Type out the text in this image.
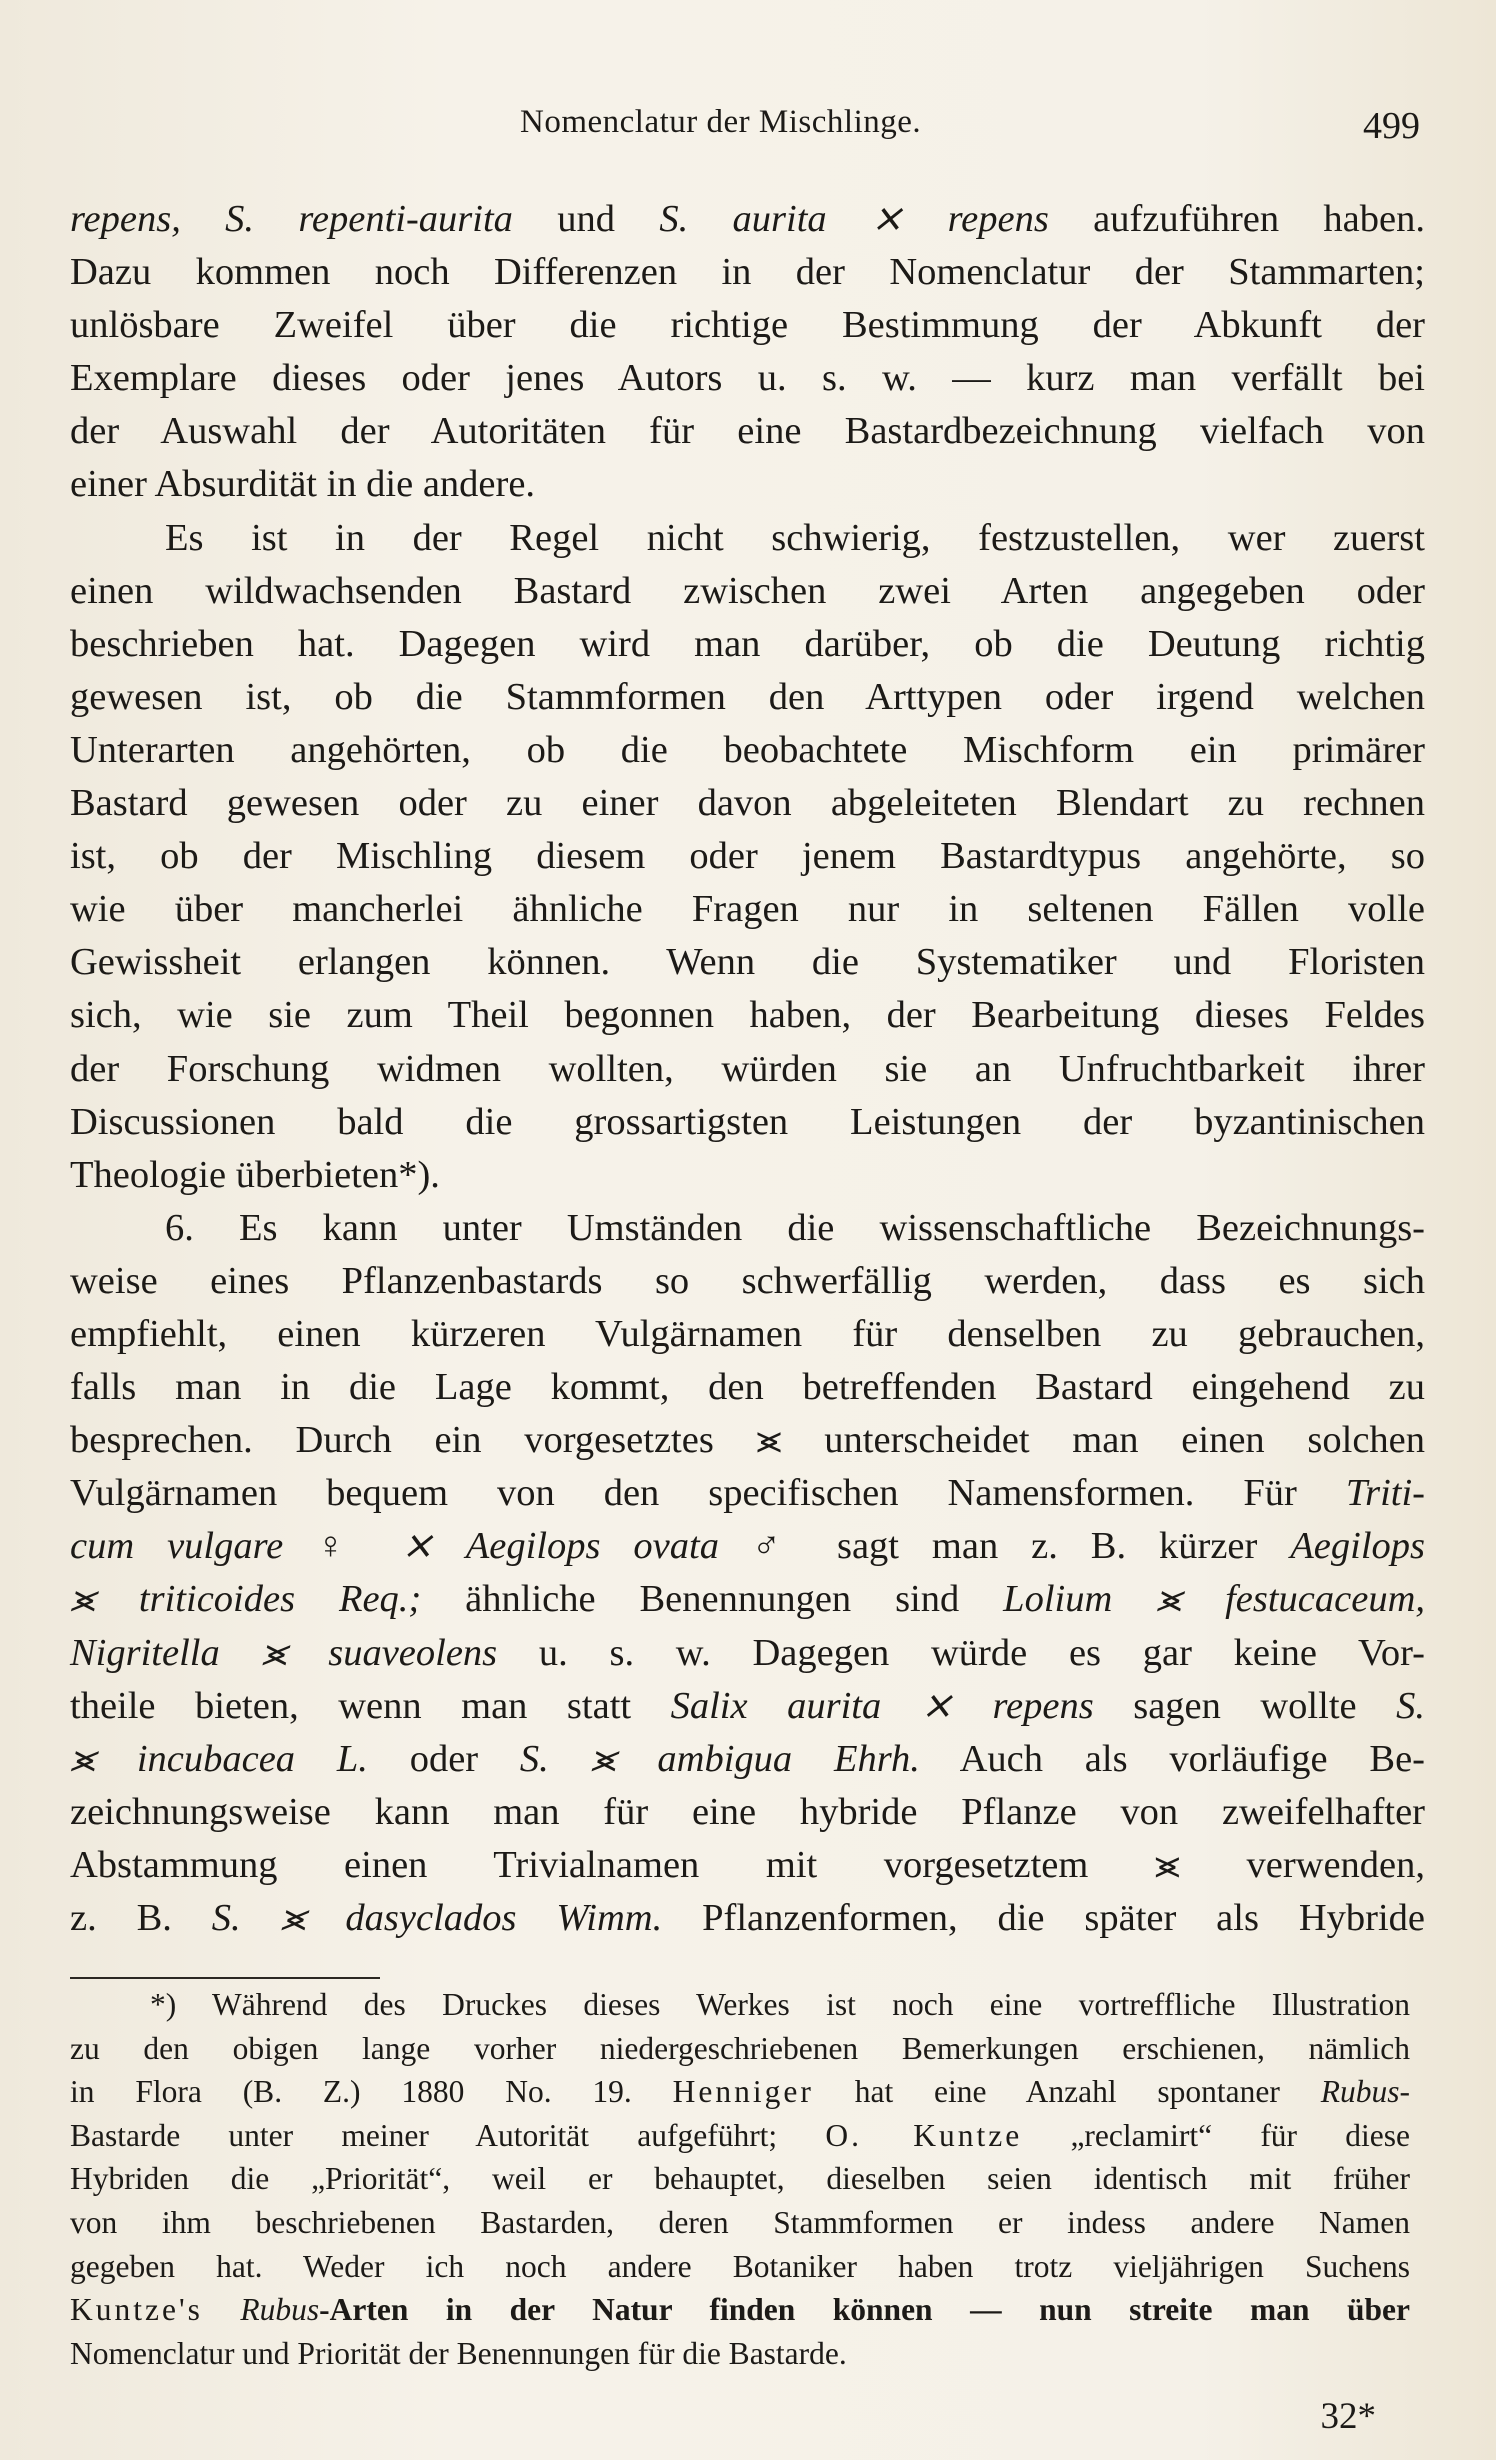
Nomenclatur der Mischlinge.	499
repens, S. repenti-aurita und S. aurita ⨯ repens aufzuführen haben.
Dazu kommen noch Differenzen in der Nomenclatur der Stammarten;
unlösbare Zweifel über die richtige Bestimmung der Abkunft der
Exemplare dieses oder jenes Autors u. s. w. — kurz man verfällt bei
der Auswahl der Autoritäten für eine Bastardbezeichnung vielfach von
einer Absurdität in die andere.
Es ist in der Regel nicht schwierig, festzustellen, wer zuerst
einen wildwachsenden Bastard zwischen zwei Arten angegeben oder
beschrieben hat. Dagegen wird man darüber, ob die Deutung richtig
gewesen ist, ob die Stammformen den Arttypen oder irgend welchen
Unterarten angehörten, ob die beobachtete Mischform ein primärer
Bastard gewesen oder zu einer davon abgeleiteten Blendart zu rechnen
ist, ob der Mischling diesem oder jenem Bastardtypus angehörte, so
wie über mancherlei ähnliche Fragen nur in seltenen Fällen volle
Gewissheit erlangen können. Wenn die Systematiker und Floristen
sich, wie sie zum Theil begonnen haben, der Bearbeitung dieses Feldes
der Forschung widmen wollten, würden sie an Unfruchtbarkeit ihrer
Discussionen bald die grossartigsten Leistungen der byzantinischen
Theologie überbieten*).
6. Es kann unter Umständen die wissenschaftliche Bezeichnungs-
weise eines Pflanzenbastards so schwerfällig werden, dass es sich
empfiehlt, einen kürzeren Vulgärnamen für denselben zu gebrauchen,
falls man in die Lage kommt, den betreffenden Bastard eingehend zu
besprechen. Durch ein vorgesetztes ⪤ unterscheidet man einen solchen
Vulgärnamen bequem von den specifischen Namensformen. Für Triti-
cum vulgare ♀ ⨯ Aegilops ovata ♂ sagt man z. B. kürzer Aegilops
⪤ triticoides Req.; ähnliche Benennungen sind Lolium ⪤ festucaceum,
Nigritella ⪤ suaveolens u. s. w. Dagegen würde es gar keine Vor-
theile bieten, wenn man statt Salix aurita ⨯ repens sagen wollte S.
⪤ incubacea L. oder S. ⪤ ambigua Ehrh. Auch als vorläufige Be-
zeichnungsweise kann man für eine hybride Pflanze von zweifelhafter
Abstammung einen Trivialnamen mit vorgesetztem ⪤ verwenden,
z. B. S. ⪤ dasyclados Wimm. Pflanzenformen, die später als Hybride
*) Während des Druckes dieses Werkes ist noch eine vortreffliche Illustration
zu den obigen lange vorher niedergeschriebenen Bemerkungen erschienen, nämlich
in Flora (B. Z.) 1880 No. 19. Henniger hat eine Anzahl spontaner Rubus-
Bastarde unter meiner Autorität aufgeführt; O. Kuntze „reclamirt“ für diese
Hybriden die „Priorität“, weil er behauptet, dieselben seien identisch mit früher
von ihm beschriebenen Bastarden, deren Stammformen er indess andere Namen
gegeben hat. Weder ich noch andere Botaniker haben trotz vieljährigen Suchens
Kuntze's Rubus-Arten in der Natur finden können — nun streite man über
Nomenclatur und Priorität der Benennungen für die Bastarde.
32*
